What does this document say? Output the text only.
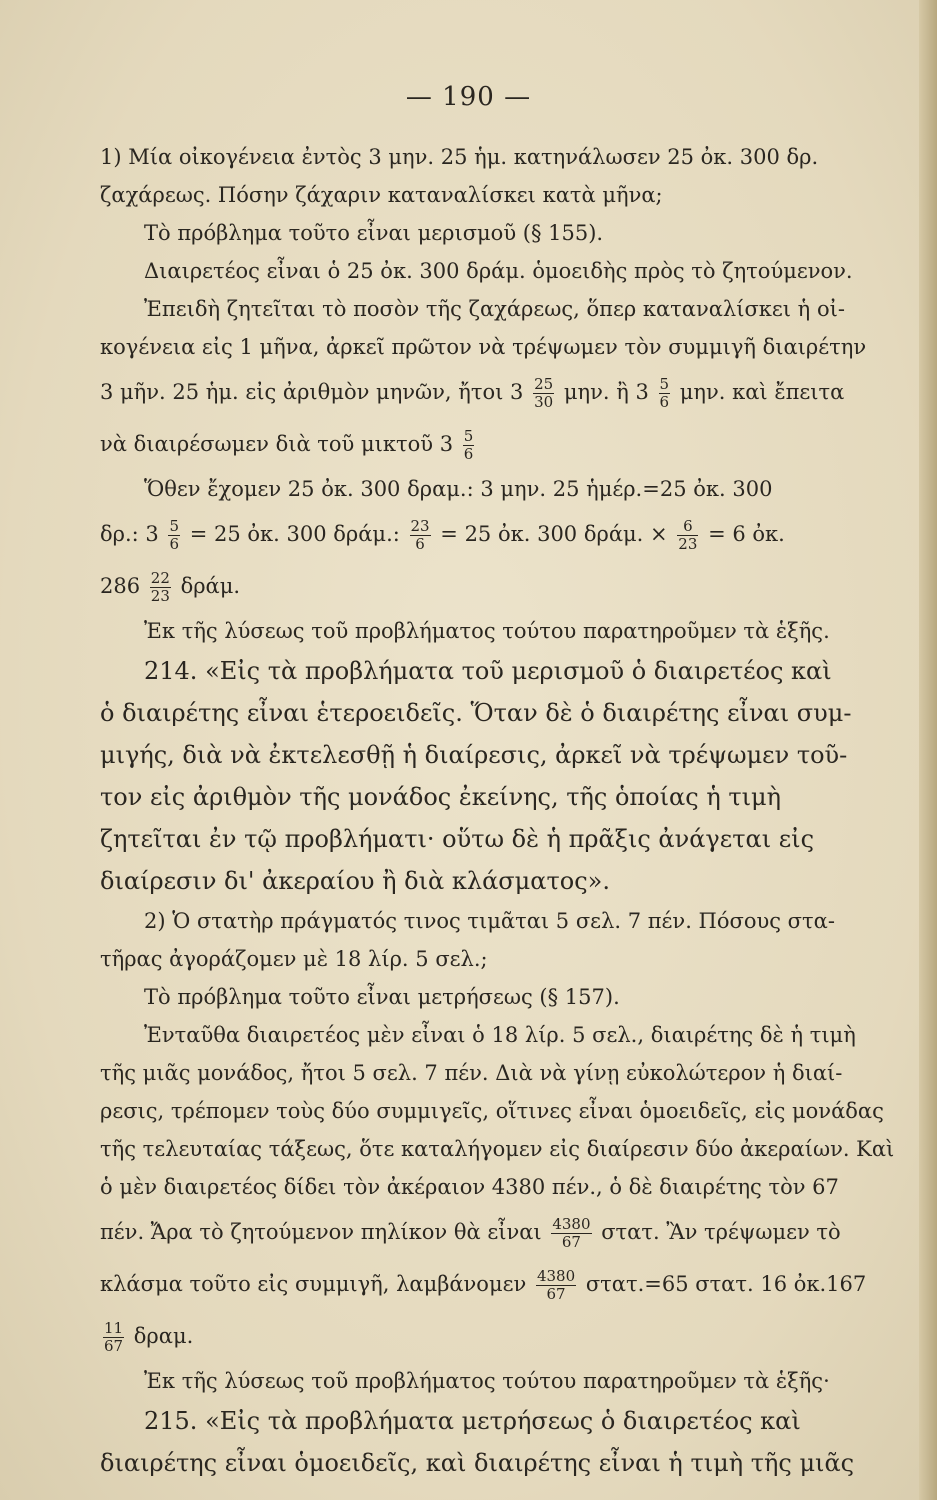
— 190 —
1) Μία οἰκογένεια ἐντὸς 3 μην. 25 ἡμ. κατηνάλωσεν 25 ὀκ. 300 δρ.
ζαχάρεως. Πόσην ζάχαριν καταναλίσκει κατὰ μῆνα;
Τὸ πρόβλημα τοῦτο εἶναι μερισμοῦ (§ 155).
Διαιρετέος εἶναι ὁ 25 ὀκ. 300 δράμ. ὁμοειδὴς πρὸς τὸ ζητούμενον.
Ἐπειδὴ ζητεῖται τὸ ποσὸν τῆς ζαχάρεως, ὅπερ καταναλίσκει ἡ οἰ-
κογένεια εἰς 1 μῆνα, ἀρκεῖ πρῶτον νὰ τρέψωμεν τὸν συμμιγῆ διαιρέτην
3 μῆν. 25 ἡμ. εἰς ἀριθμὸν μηνῶν, ἤτοι $3 \frac{25}{30} \mu\eta\nu$. ἢ $3 \frac{5}{6} \mu\eta\nu$. καὶ ἔπειτα
νὰ διαιρέσωμεν διὰ τοῦ μικτοῦ $3 \frac{5}{6}$
Ὅθεν ἔχομεν 25 ὀκ. 300 δραμ.: 3 μην. 25 ἡμέρ.=25 ὀκ. 300
δρ.: $3 \frac{5}{6} = 25$ ὀκ. 300 δράμ.: $\frac{23}{6} = 25$ ὀκ. 300 δράμ. × $\frac{6}{23} = 6$ ὀκ.
$286 \frac{22}{23} \delta\rho ά\mu$.
Ἐκ τῆς λύσεως τοῦ προβλήματος τούτου παρατηροῦμεν τὰ ἑξῆς.
214. «Εἰς τὰ προβλήματα τοῦ μερισμοῦ ὁ διαιρετέος καὶ
ὁ διαιρέτης εἶναι ἑτεροειδεῖς. Ὅταν δὲ ὁ διαιρέτης εἶναι συμ-
μιγής, διὰ νὰ ἐκτελεσθῇ ἡ διαίρεσις, ἀρκεῖ νὰ τρέψωμεν τοῦ-
τον εἰς ἀριθμὸν τῆς μονάδος ἐκείνης, τῆς ὁποίας ἡ τιμὴ
ζητεῖται ἐν τῷ προβλήματι· οὕτω δὲ ἡ πρᾶξις ἀνάγεται εἰς
διαίρεσιν δι' ἀκεραίου ἢ διὰ κλάσματος».
2) Ὁ στατὴρ πράγματός τινος τιμᾶται 5 σελ. 7 πέν. Πόσους στα-
τῆρας ἀγοράζομεν μὲ 18 λίρ. 5 σελ.;
Τὸ πρόβλημα τοῦτο εἶναι μετρήσεως (§ 157).
Ἐνταῦθα διαιρετέος μὲν εἶναι ὁ 18 λίρ. 5 σελ., διαιρέτης δὲ ἡ τιμὴ
τῆς μιᾶς μονάδος, ἤτοι 5 σελ. 7 πέν. Διὰ νὰ γίνῃ εὐκολώτερον ἡ διαί-
ρεσις, τρέπομεν τοὺς δύο συμμιγεῖς, οἵτινες εἶναι ὁμοειδεῖς, εἰς μονάδας
τῆς τελευταίας τάξεως, ὅτε καταλήγομεν εἰς διαίρεσιν δύο ἀκεραίων. Καὶ
ὁ μὲν διαιρετέος δίδει τὸν ἀκέραιον 4380 πέν., ὁ δὲ διαιρέτης τὸν 67
πέν. Ἄρα τὸ ζητούμενον πηλίκον θὰ εἶναι $\frac{4380}{67} \sigma\tau\alpha\tau$. Ἂν τρέψωμεν τὸ
κλάσμα τοῦτο εἰς συμμιγῆ, λαμβάνομεν $\frac{4380}{67} \sigma\tau\alpha\tau.=65$ στατ. 16 ὀκ.167
$\frac{11}{67} \delta\rho\alpha\mu$.
Ἐκ τῆς λύσεως τοῦ προβλήματος τούτου παρατηροῦμεν τὰ ἑξῆς·
215. «Εἰς τὰ προβλήματα μετρήσεως ὁ διαιρετέος καὶ
διαιρέτης εἶναι ὁμοειδεῖς, καὶ διαιρέτης εἶναι ἡ τιμὴ τῆς μιᾶς
